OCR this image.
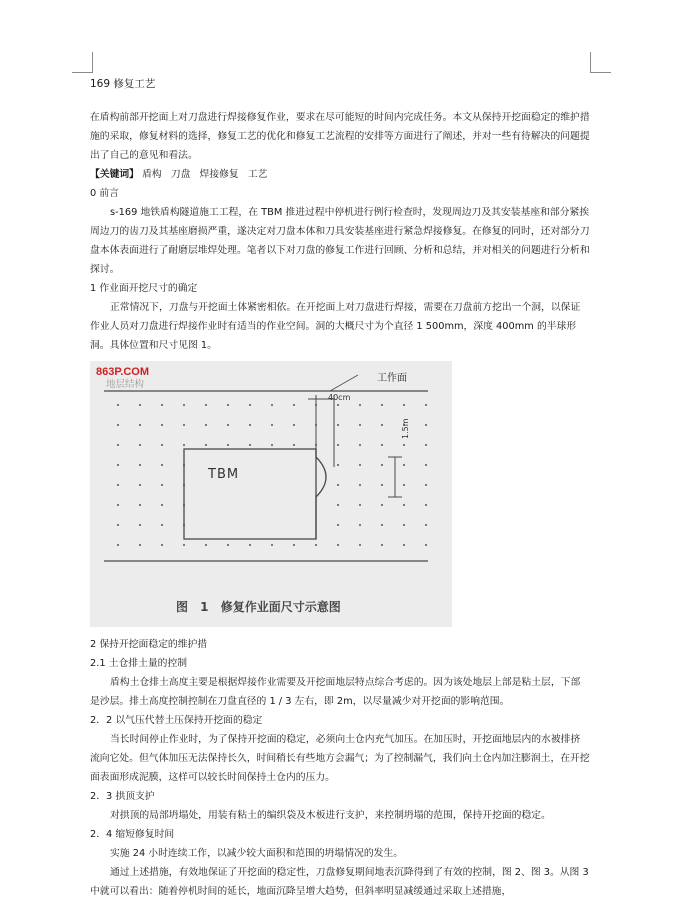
169 修复工艺

在盾构前部开挖面上对刀盘进行焊接修复作业，要求在尽可能短的时间内完成任务。本文从保持开挖面稳定的维护措施的采取，修复材料的选择，修复工艺的优化和修复工艺流程的安排等方面进行了阐述，并对一些有待解决的问题提出了自己的意见和看法。

【关键词】 盾构 刀盘 焊接修复 工艺

0 前言

s-169 地铁盾构隧道施工工程，在 TBM 推进过程中停机进行例行检查时，发现周边刀及其安装基座和部分紧挨周边刀的齿刀及其基座磨损严重，遂决定对刀盘本体和刀具安装基座进行紧急焊接修复。在修复的同时，还对部分刀盘本体表面进行了耐磨层堆焊处理。笔者以下对刀盘的修复工作进行回顾、分析和总结，并对相关的问题进行分析和探讨。

1 作业面开挖尺寸的确定

正常情况下，刀盘与开挖面土体紧密相依。在开挖面上对刀盘进行焊接，需要在刀盘前方挖出一个洞，以保证作业人员对刀盘进行焊接作业时有适当的作业空间。洞的大概尺寸为个直径 1 500mm，深度 400mm 的半球形洞。具体位置和尺寸见图 1。

863P.COM
地层结构
工作面
40cm
1.5m
TBM
图 1 修复作业面尺寸示意图

2 保持开挖面稳定的维护措

2.1 土仓排土量的控制

盾构土仓排土高度主要是根据焊接作业需要及开挖面地层特点综合考虑的。因为该处地层上部是粘土层，下部是沙层。排土高度控制控制在刀盘直径的 1 / 3 左右，即 2m，以尽量减少对开挖面的影响范围。

2．2 以气压代替土压保持开挖面的稳定

当长时间停止作业时，为了保持开挖面的稳定，必须向土仓内充气加压。在加压时，开挖面地层内的水被排挤流向它处。但气体加压无法保持长久，时间稍长有些地方会漏气；为了控制漏气，我们向土仓内加注膨润土，在开挖面表面形成泥膜，这样可以较长时间保持土仓内的压力。

2．3 拱顶支护

对拱顶的局部坍塌处，用装有粘土的编织袋及木板进行支护，来控制坍塌的范围，保持开挖面的稳定。

2．4 缩短修复时间

实施 24 小时连续工作，以减少较大面积和范围的坍塌情况的发生。

通过上述措施，有效地保证了开挖面的稳定性，刀盘修复期间地表沉降得到了有效的控制，图 2、图 3。从图 3 中就可以看出：随着停机时间的延长，地面沉降呈增大趋势，但斜率明显减缓通过采取上述措施，
